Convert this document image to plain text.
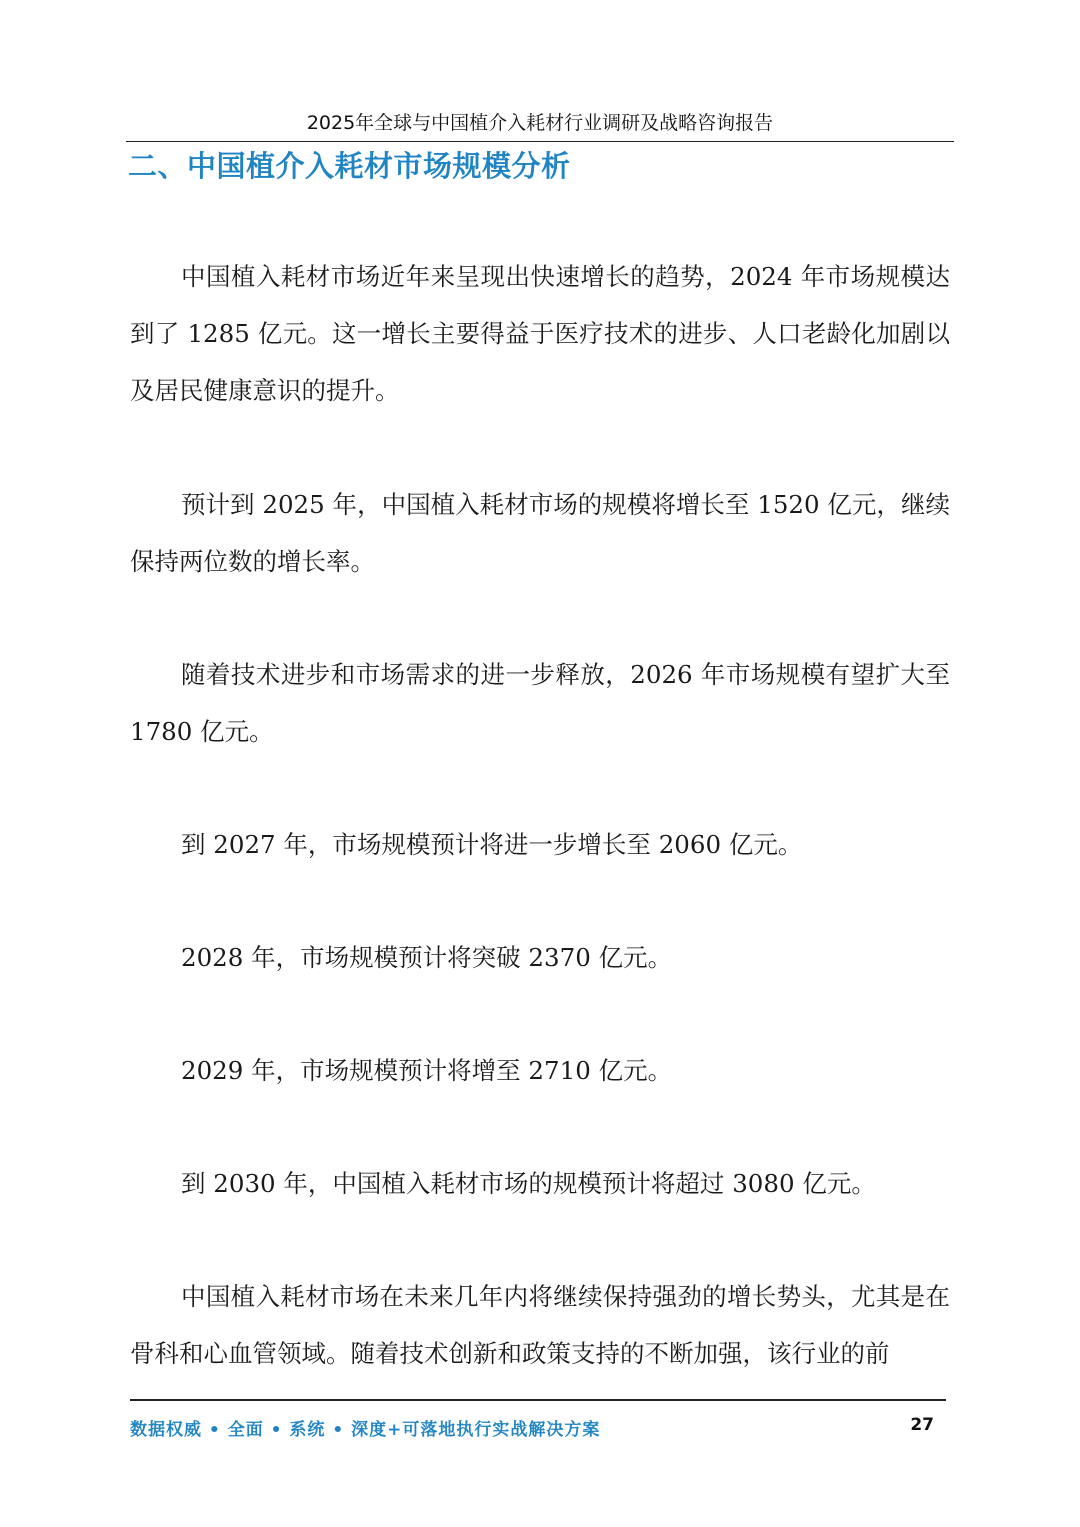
2025年全球与中国植介入耗材行业调研及战略咨询报告
二、中国植介入耗材市场规模分析

中国植入耗材市场近年来呈现出快速增长的趋势，2024 年市场规模达到了 1285 亿元。这一增长主要得益于医疗技术的进步、人口老龄化加剧以及居民健康意识的提升。

预计到 2025 年，中国植入耗材市场的规模将增长至 1520 亿元，继续保持两位数的增长率。

随着技术进步和市场需求的进一步释放，2026 年市场规模有望扩大至 1780 亿元。

到 2027 年，市场规模预计将进一步增长至 2060 亿元。

2028 年，市场规模预计将突破 2370 亿元。

2029 年，市场规模预计将增至 2710 亿元。

到 2030 年，中国植入耗材市场的规模预计将超过 3080 亿元。

中国植入耗材市场在未来几年内将继续保持强劲的增长势头，尤其是在骨科和心血管领域。随着技术创新和政策支持的不断加强，该行业的前

数据权威 • 全面 • 系统 • 深度+可落地执行实战解决方案	27
